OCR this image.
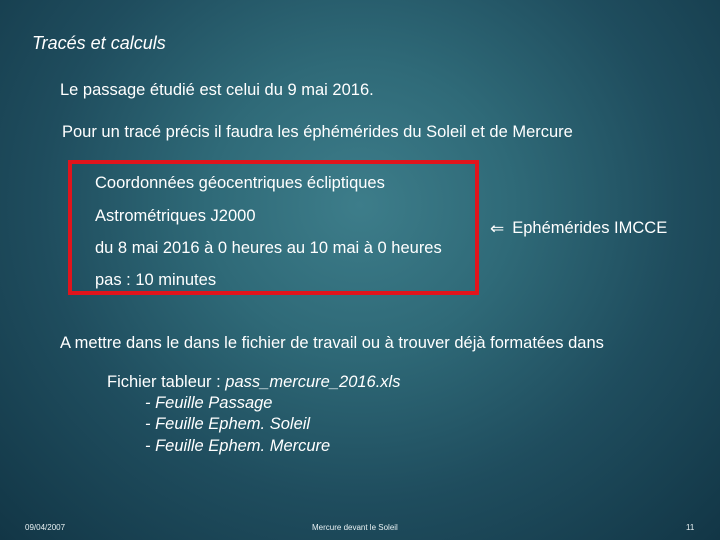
Tracés et calculs
Le passage étudié est celui du 9 mai 2016.
Pour un tracé précis il faudra les éphémérides du Soleil et de Mercure
Coordonnées géocentriques écliptiques
Astrométriques J2000
du 8 mai 2016 à 0 heures au 10 mai à 0 heures
pas : 10 minutes
⇐ Ephémérides IMCCE
A mettre dans le dans le fichier de travail ou à trouver déjà formatées dans
Fichier tableur : pass_mercure_2016.xls
- Feuille Passage
- Feuille Ephem. Soleil
- Feuille Ephem. Mercure
09/04/2007	Mercure devant le Soleil	11
